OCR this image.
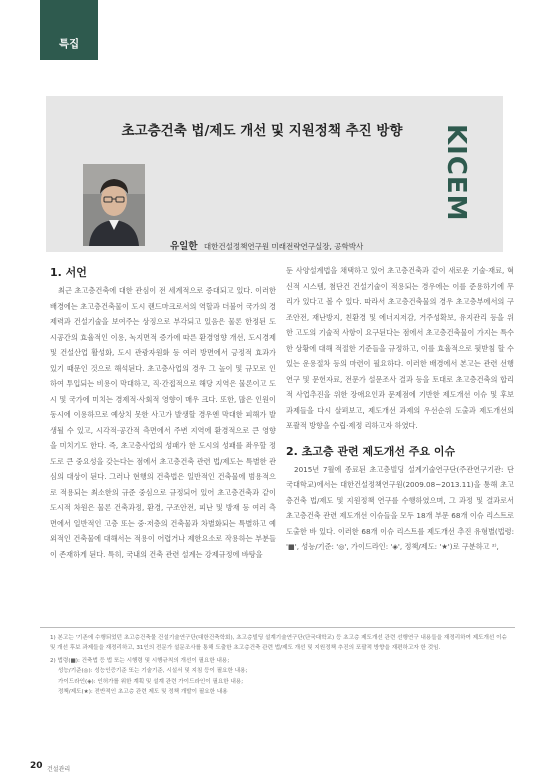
특집
초고층건축 법/제도 개선 및 지원정책 추진 방향	KICEM
유일한 대한건설정책연구원 미래전략연구실장, 공학박사

1. 서언

최근 초고층건축에 대한 관심이 전 세계적으로 증대되고 있다. 이러한 배경에는 초고층건축물이 도시 랜드마크로서의 역할과 더불어 국가의 경제력과 건설기술을 보여주는 상징으로 부각되고 있음은 물론 한정된 도시공간의 효율적인 이용, 녹지면적 증가에 따른 환경영향 개선, 도시경제 및 건설산업 활성화, 도시 관광자원화 등 여러 방면에서 긍정적 효과가 있기 때문인 것으로 해석된다. 초고층사업의 경우 그 높이 및 규모로 인하여 투입되는 비용이 막대하고, 직·간접적으로 해당 지역은 물론이고 도시 및 국가에 미치는 경제적·사회적 영향이 매우 크다. 또한, 많은 인원이 동시에 이용하므로 예상치 못한 사고가 발생할 경우엔 막대한 피해가 발생될 수 있고, 시각적·공간적 측면에서 주변 지역에 환경적으로 큰 영향을 미치기도 한다. 즉, 초고층사업의 성패가 한 도시의 성패를 좌우할 정도로 큰 중요성을 갖는다는 점에서 초고층건축 관련 법/제도는 특별한 관심의 대상이 된다. 그러나 현행의 건축법은 일반적인 건축물에 범용적으로 적용되는 최소한의 규준 중심으로 규정되어 있어 초고층건축과 같이 도시적 차원은 물론 건축과정, 환경, 구조안전, 피난 및 방재 등 여러 측면에서 일반적인 고층 또는 중·저층의 건축물과 차별화되는 특별하고 예외적인 건축물에 대해서는 적용이 어렵거나 제한요소로 작용하는 부분들이 존재하게 된다. 특히, 국내의 건축 관련 설계는 강제규정에 바탕을

둔 사양설계법을 채택하고 있어 초고층건축과 같이 새로운 기술·재료, 혁신적 시스템, 첨단건 건설기술이 적용되는 경우에는 이를 준용하기에 무리가 있다고 볼 수 있다. 따라서 초고층건축물의 경우 초고층부에서의 구조안전, 재난방지, 친환경 및 에너지저감, 거주성확보, 유지관리 등을 위한 고도의 기술적 사항이 요구된다는 점에서 초고층건축물이 가지는 특수한 상황에 대해 적절한 기준들을 규정하고, 이를 효율적으로 뒷받침 할 수 있는 운용절차 등의 마련이 필요하다. 이러한 배경에서 본고는 관련 선행연구 및 문헌자료, 전문가 설문조사 결과 등을 토대로 초고층건축의 합리적 사업추진을 위한 장애요인과 문제점에 기반한 제도개선 이슈 및 후보 과제들을 다시 살펴보고, 제도개선 과제의 우선순위 도출과 제도개선의 포괄적 방향을 수립·제정 리하고자 하였다.

2. 초고층 관련 제도개선 주요 이슈

2015년 7월에 종료된 초고층빌딩 설계기술연구단(주관연구기관: 단국대학교)에서는 대한건설정책연구원(2009.08~2013.11)을 통해 초고층건축 법/제도 및 지원정책 연구를 수행하였으며, 그 과정 및 결과로서 초고층건축 관련 제도개선 이슈들을 모두 18개 부문 68개 이슈 리스트로 도출한 바 있다. 이러한 68개 이슈 리스트를 제도개선 추진 유형별(법령: '■', 성능/기준: '◎', 가이드라인: '◈', 정책/제도: '★')로 구분하고 ²⁾,

1) 본고는 '기존에 수행되었던 초고층건축물 건설기술연구단(대한건축학회), 초고층빌딩 설계기술연구단(단국대학교) 등 초고층 제도개선 관련 선행연구 내용들을 재정리하여 제도개선 이슈 및 개선 후보 과제들을 재정리하고, 31인의 전문가 설문조사를 통해 도출한 초고층건축 관련 법/제도 개선 및 지원정책 추진의 포괄적 방향을 재편하고자 한 것임.

2) 법령(■): 건축법 등 법 또는 시행령 및 시행규칙의 개선이 필요한 내용;

성능/기준(◎): 성능인증기준 또는 기술기준, 시설서 및 지침 등이 필요한 내용;

가이드라인(◈): 인허가를 위한 계획 및 설계 관련 가이드라인이 필요한 내용;

정책/제도(★): 전반적인 초고층 관련 제도 및 정책 개발이 필요한 내용

20 건설관리
